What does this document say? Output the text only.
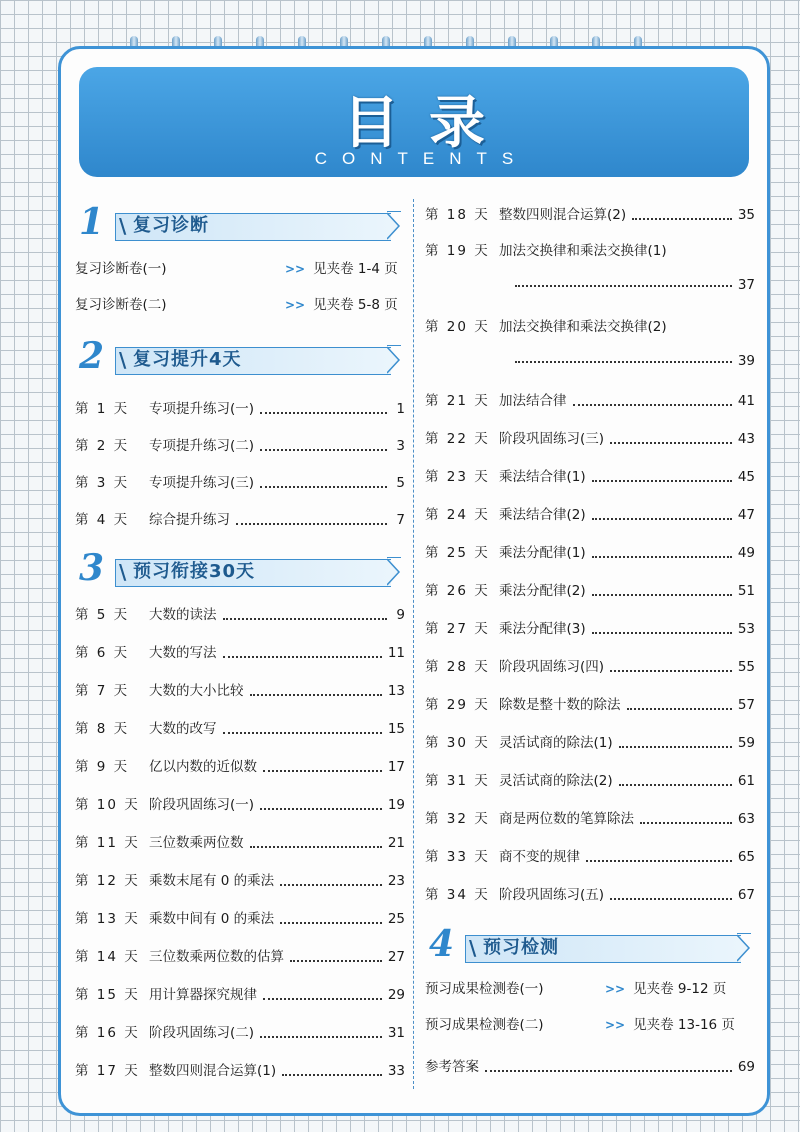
目录
CONTENTS
1 \ 复习诊断
复习诊断卷(一)	>> 见夹卷 1-4 页
复习诊断卷(二)	>> 见夹卷 5-8 页
2 \ 复习提升4天
第 1 天	专项提升练习(一)	1
第 2 天	专项提升练习(二)	3
第 3 天	专项提升练习(三)	5
第 4 天	综合提升练习	7
3 \ 预习衔接30天
第 5 天	大数的读法	9
第 6 天	大数的写法	11
第 7 天	大数的大小比较	13
第 8 天	大数的改写	15
第 9 天	亿以内数的近似数	17
第 10 天 阶段巩固练习(一)	19
第 11 天 三位数乘两位数	21
第 12 天 乘数末尾有 0 的乘法	23
第 13 天 乘数中间有 0 的乘法	25
第 14 天 三位数乘两位数的估算	27
第 15 天 用计算器探究规律	29
第 16 天 阶段巩固练习(二)	31
第 17 天 整数四则混合运算(1)	33
第 18 天 整数四则混合运算(2)	35
第 19 天 加法交换律和乘法交换律(1)
37
第 20 天 加法交换律和乘法交换律(2)
39
第 21 天 加法结合律	41
第 22 天 阶段巩固练习(三)	43
第 23 天 乘法结合律(1)	45
第 24 天 乘法结合律(2)	47
第 25 天 乘法分配律(1)	49
第 26 天 乘法分配律(2)	51
第 27 天 乘法分配律(3)	53
第 28 天 阶段巩固练习(四)	55
第 29 天 除数是整十数的除法	57
第 30 天 灵活试商的除法(1)	59
第 31 天 灵活试商的除法(2)	61
第 32 天 商是两位数的笔算除法	63
第 33 天 商不变的规律	65
第 34 天 阶段巩固练习(五)	67
4 \ 预习检测
预习成果检测卷(一)	>> 见夹卷 9-12 页
预习成果检测卷(二)	>> 见夹卷 13-16 页
参考答案	69
